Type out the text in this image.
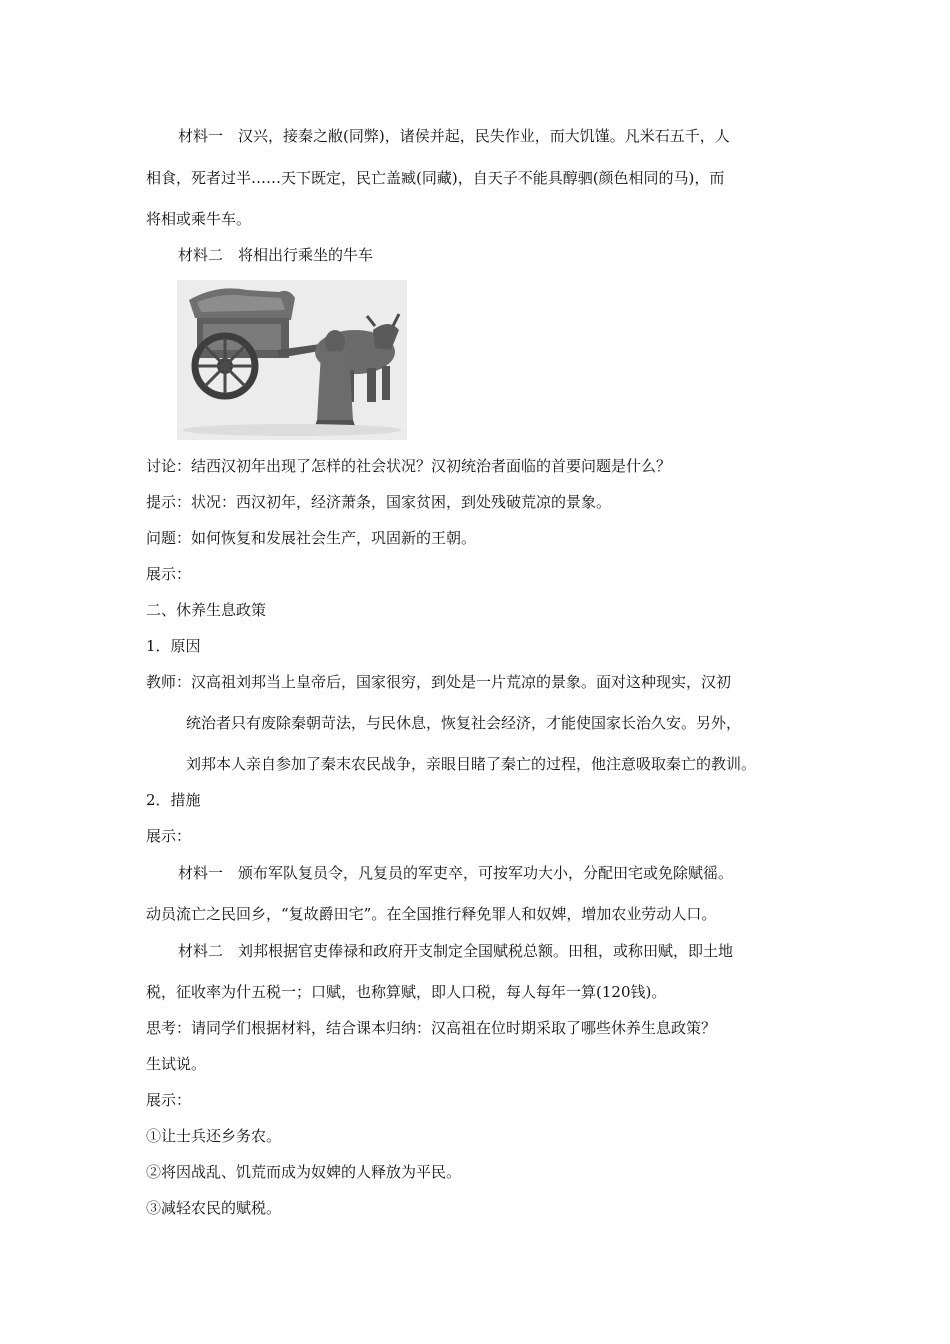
材料一　汉兴，接秦之敝(同弊)，诸侯并起，民失作业，而大饥馑。凡米石五千，人
相食，死者过半……天下既定，民亡盖臧(同藏)，自天子不能具醇驷(颜色相同的马)，而
将相或乘牛车。
材料二　将相出行乘坐的牛车
讨论：结西汉初年出现了怎样的社会状况？汉初统治者面临的首要问题是什么？
提示：状况：西汉初年，经济萧条，国家贫困，到处残破荒凉的景象。
问题：如何恢复和发展社会生产，巩固新的王朝。
展示：
二、休养生息政策
1．原因
教师：汉高祖刘邦当上皇帝后，国家很穷，到处是一片荒凉的景象。面对这种现实，汉初
统治者只有废除秦朝苛法，与民休息，恢复社会经济，才能使国家长治久安。另外，
刘邦本人亲自参加了秦末农民战争，亲眼目睹了秦亡的过程，他注意吸取秦亡的教训。
2．措施
展示：
材料一　颁布军队复员令，凡复员的军吏卒，可按军功大小，分配田宅或免除赋徭。
动员流亡之民回乡，“复故爵田宅”。在全国推行释免罪人和奴婢，增加农业劳动人口。
材料二　刘邦根据官吏俸禄和政府开支制定全国赋税总额。田租，或称田赋，即土地
税，征收率为什五税一；口赋，也称算赋，即人口税，每人每年一算(120钱)。
思考：请同学们根据材料，结合课本归纳：汉高祖在位时期采取了哪些休养生息政策？
生试说。
展示：
①让士兵还乡务农。
②将因战乱、饥荒而成为奴婢的人释放为平民。
③减轻农民的赋税。
